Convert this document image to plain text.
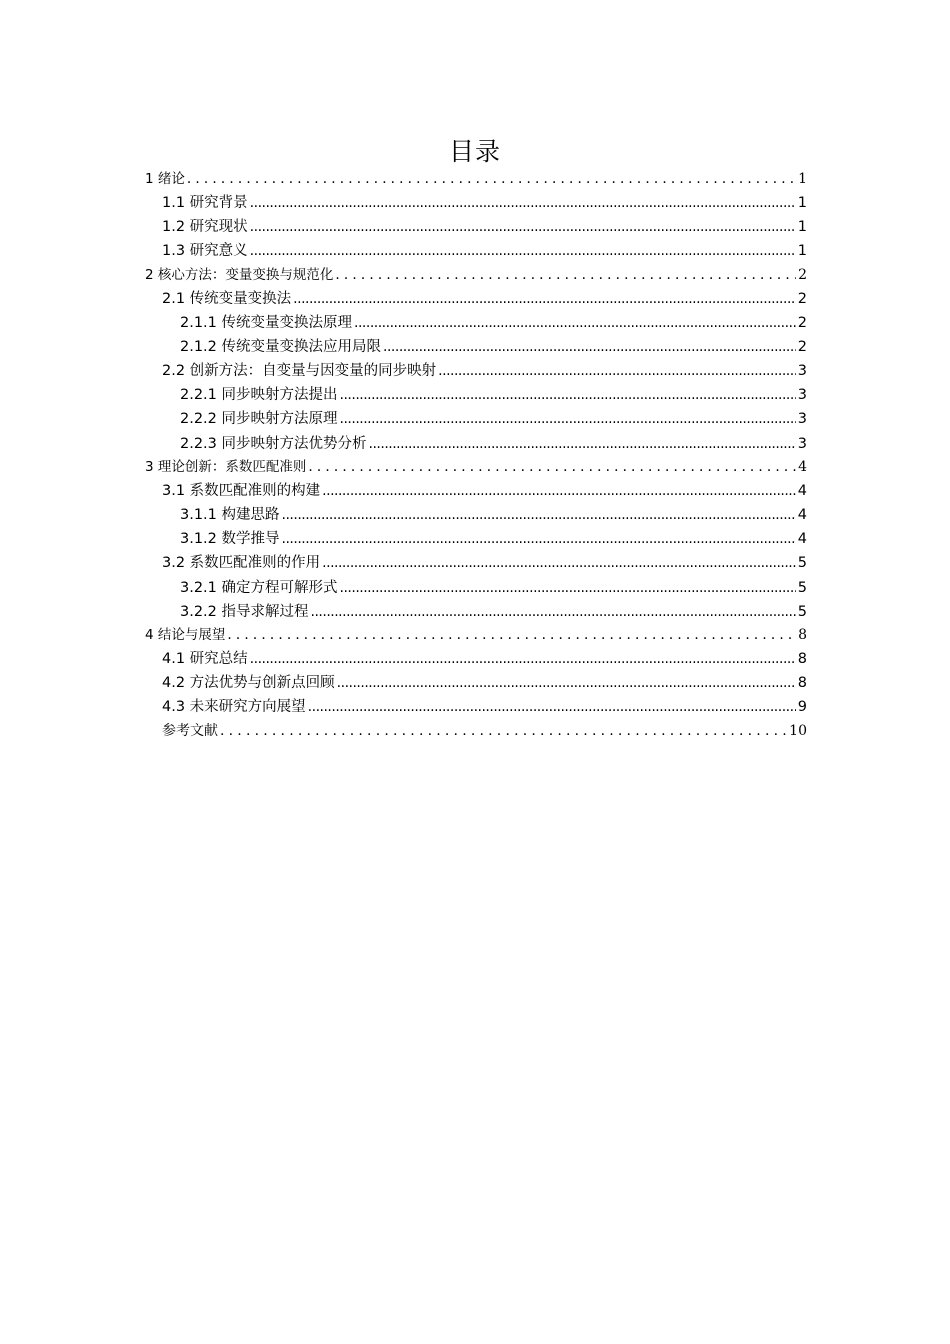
目录
1 绪论 .....	1
1.1 研究背景 .....	1
1.2 研究现状 .....	1
1.3 研究意义 .....	1
2 核心方法：变量变换与规范化 .....	2
2.1 传统变量变换法 .....	2
2.1.1 传统变量变换法原理 .....	2
2.1.2 传统变量变换法应用局限 .....	2
2.2 创新方法：自变量与因变量的同步映射 .....	3
2.2.1 同步映射方法提出 .....	3
2.2.2 同步映射方法原理 .....	3
2.2.3 同步映射方法优势分析 .....	3
3 理论创新：系数匹配准则 .....	4
3.1 系数匹配准则的构建 .....	4
3.1.1 构建思路 .....	4
3.1.2 数学推导 .....	4
3.2 系数匹配准则的作用 .....	5
3.2.1 确定方程可解形式 .....	5
3.2.2 指导求解过程 .....	5
4 结论与展望 .....	8
4.1 研究总结 .....	8
4.2 方法优势与创新点回顾 .....	8
4.3 未来研究方向展望 .....	9
参考文献 .....	10
